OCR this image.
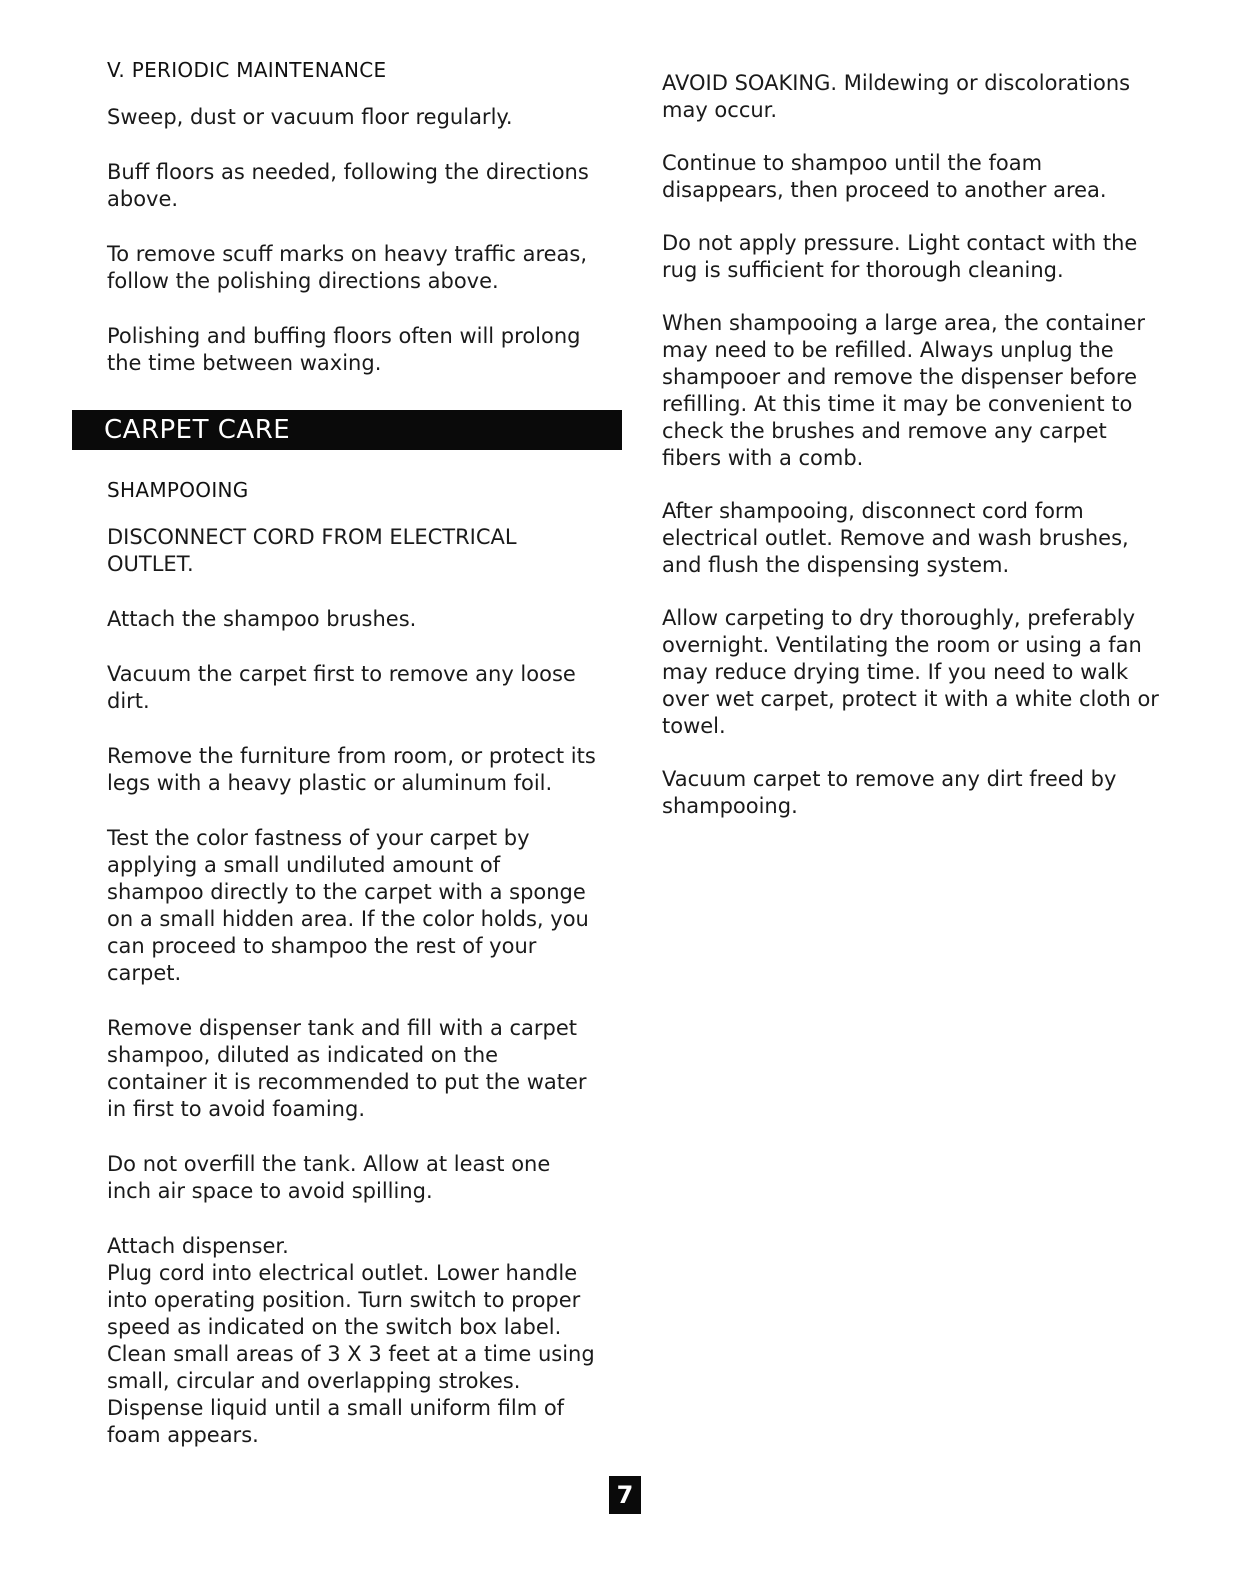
V. PERIODIC MAINTENANCE

Sweep, dust or vacuum floor regularly.

Buff floors as needed, following the directions above.

To remove scuff marks on heavy traffic areas, follow the polishing directions above.

Polishing and buffing floors often will prolong the time between waxing.

CARPET CARE
SHAMPOOING

DISCONNECT CORD FROM ELECTRICAL OUTLET.

Attach the shampoo brushes.

Vacuum the carpet first to remove any loose dirt.

Remove the furniture from room, or protect its legs with a heavy plastic or aluminum foil.

Test the color fastness of your carpet by applying a small undiluted amount of shampoo directly to the carpet with a sponge on a small hidden area. If the color holds, you can proceed to shampoo the rest of your carpet.

Remove dispenser tank and fill with a carpet shampoo, diluted as indicated on the container it is recommended to put the water in first to avoid foaming.

Do not overfill the tank. Allow at least one inch air space to avoid spilling.

Attach dispenser.

Plug cord into electrical outlet. Lower handle into operating position. Turn switch to proper speed as indicated on the switch box label. Clean small areas of 3 X 3 feet at a time using small, circular and overlapping strokes. Dispense liquid until a small uniform film of foam appears.

AVOID SOAKING. Mildewing or discolorations may occur.

Continue to shampoo until the foam disappears, then proceed to another area.

Do not apply pressure. Light contact with the rug is sufficient for thorough cleaning.

When shampooing a large area, the container may need to be refilled. Always unplug the shampooer and remove the dispenser before refilling. At this time it may be convenient to check the brushes and remove any carpet fibers with a comb.

After shampooing, disconnect cord form electrical outlet. Remove and wash brushes, and flush the dispensing system.

Allow carpeting to dry thoroughly, preferably overnight. Ventilating the room or using a fan may reduce drying time. If you need to walk over wet carpet, protect it with a white cloth or towel.

Vacuum carpet to remove any dirt freed by shampooing.

7
